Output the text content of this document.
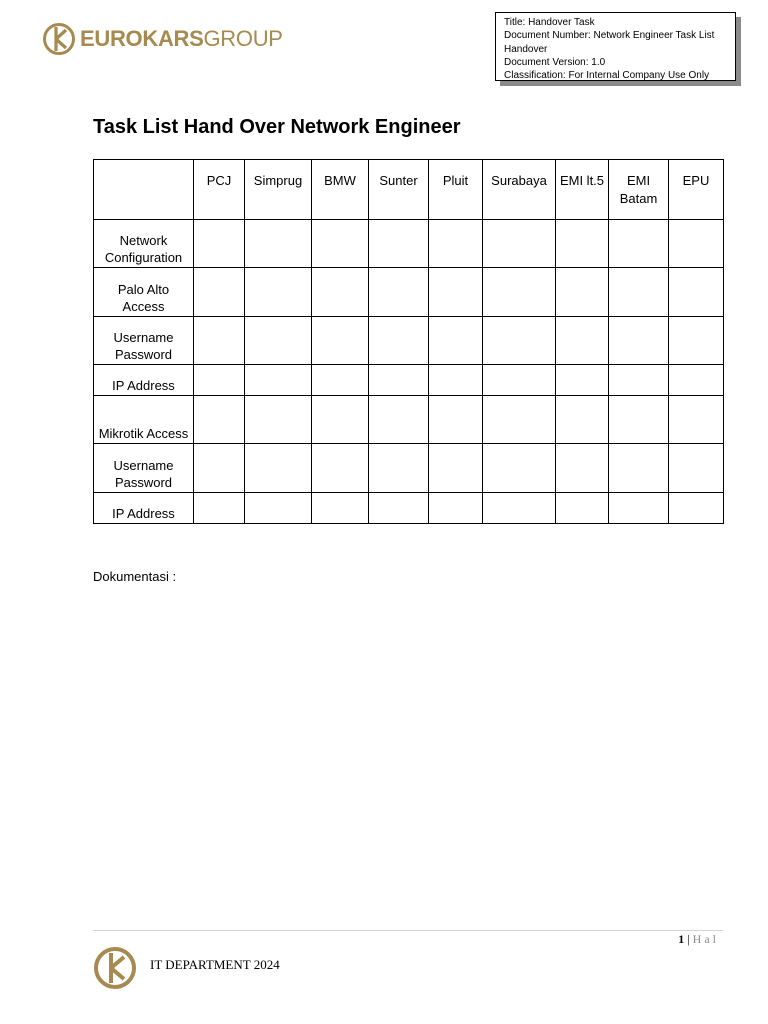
EUROKARSGROUP
Title: Handover Task
Document Number: Network Engineer Task List Handover
Document Version: 1.0
Classification: For Internal Company Use Only
Task List Hand Over Network Engineer
	PCJ	Simprug	BMW	Sunter	Pluit	Surabaya	EMI lt.5	EMI Batam	EPU
Network Configuration									
Palo Alto Access									
Username Password									
IP Address									
Mikrotik Access									
Username Password									
IP Address									
Dokumentasi :
1 | Hal
IT DEPARTMENT 2024
